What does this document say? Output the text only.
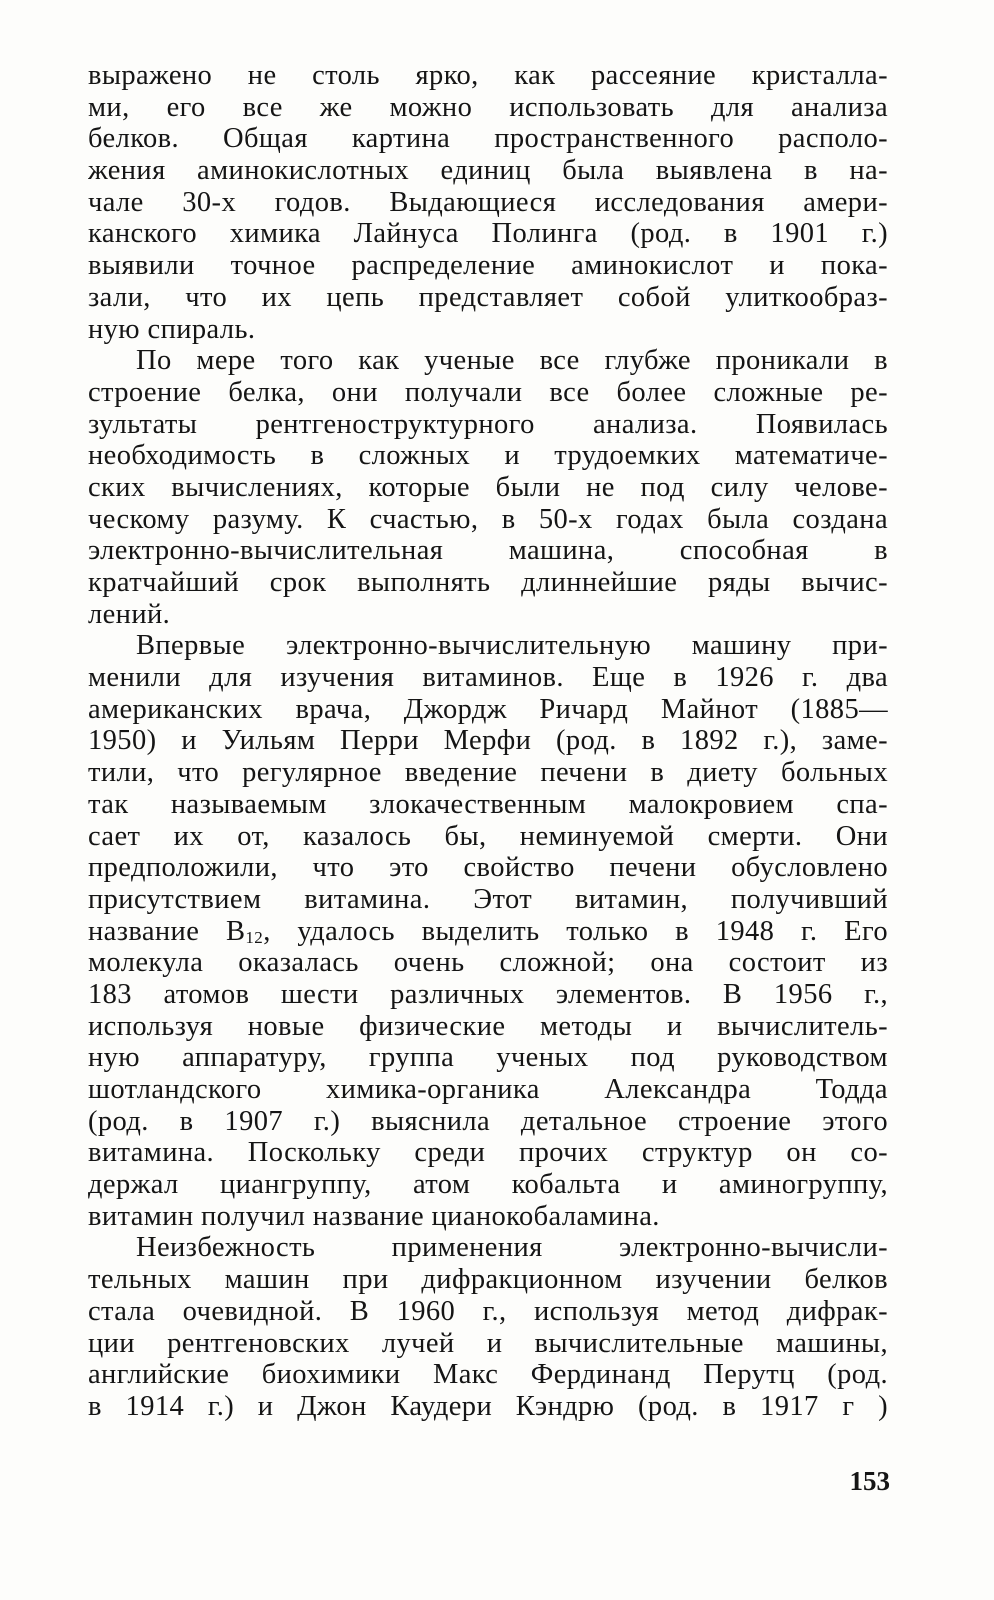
выражено не столь ярко, как рассеяние кристалла-
ми, его все же можно использовать для анализа
белков. Общая картина пространственного располо-
жения аминокислотных единиц была выявлена в на-
чале 30-х годов. Выдающиеся исследования амери-
канского химика Лайнуса Полинга (род. в 1901 г.)
выявили точное распределение аминокислот и пока-
зали, что их цепь представляет собой улиткообраз-
ную спираль.
По мере того как ученые все глубже проникали в
строение белка, они получали все более сложные ре-
зультаты рентгеноструктурного анализа. Появилась
необходимость в сложных и трудоемких математиче-
ских вычислениях, которые были не под силу челове-
ческому разуму. К счастью, в 50-х годах была создана
электронно-вычислительная машина, способная в
кратчайший срок выполнять длиннейшие ряды вычис-
лений.
Впервые электронно-вычислительную машину при-
менили для изучения витаминов. Еще в 1926 г. два
американских врача, Джордж Ричард Майнот (1885—
1950) и Уильям Перри Мерфи (род. в 1892 г.), заме-
тили, что регулярное введение печени в диету больных
так называемым злокачественным малокровием спа-
сает их от, казалось бы, неминуемой смерти. Они
предположили, что это свойство печени обусловлено
присутствием витамина. Этот витамин, получивший
название $B_{12}$, удалось выделить только в 1948 г. Его
молекула оказалась очень сложной; она состоит из
183 атомов шести различных элементов. В 1956 г.,
используя новые физические методы и вычислитель-
ную аппаратуру, группа ученых под руководством
шотландского химика-органика Александра Тодда
(род. в 1907 г.) выяснила детальное строение этого
витамина. Поскольку среди прочих структур он со-
держал циангруппу, атом кобальта и аминогруппу,
витамин получил название цианокобаламина.
Неизбежность применения электронно-вычисли-
тельных машин при дифракционном изучении белков
стала очевидной. В 1960 г., используя метод дифрак-
ции рентгеновских лучей и вычислительные машины,
английские биохимики Макс Фердинанд Перутц (род.
в 1914 г.) и Джон Каудери Кэндрю (род. в 1917 г )
153
